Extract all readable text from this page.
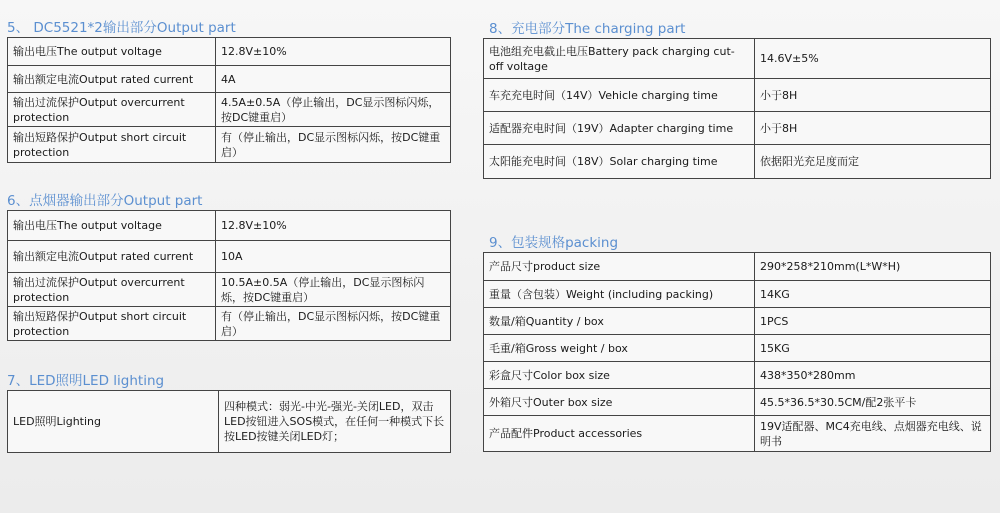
5、 DC5521*2输出部分Output part
输出电压The output voltage	12.8V±10%
输出额定电流Output rated current	4A
输出过流保护Output overcurrent protection	4.5A±0.5A（停止输出，DC显示图标闪烁，按DC键重启）
输出短路保护Output short circuit protection	有（停止输出，DC显示图标闪烁，按DC键重启）
6、点烟器输出部分Output part
输出电压The output voltage	12.8V±10%
输出额定电流Output rated current	10A
输出过流保护Output overcurrent protection	10.5A±0.5A（停止输出，DC显示图标闪烁，按DC键重启）
输出短路保护Output short circuit protection	有（停止输出，DC显示图标闪烁，按DC键重启）
7、LED照明LED lighting
LED照明Lighting	四种模式：弱光-中光-强光-关闭LED，双击LED按钮进入SOS模式，在任何一种模式下长按LED按键关闭LED灯；
8、充电部分The charging part
电池组充电截止电压Battery pack charging cut-off voltage	14.6V±5%
车充充电时间（14V）Vehicle charging time	小于8H
适配器充电时间（19V）Adapter charging time	小于8H
太阳能充电时间（18V）Solar charging time	依据阳光充足度而定
9、包装规格packing
产品尺寸product size	290*258*210mm(L*W*H)
重量（含包装）Weight (including packing)	14KG
数量/箱Quantity / box	1PCS
毛重/箱Gross weight / box	15KG
彩盒尺寸Color box size	438*350*280mm
外箱尺寸Outer box size	45.5*36.5*30.5CM/配2张平卡
产品配件Product accessories	19V适配器、MC4充电线、点烟器充电线、说明书
